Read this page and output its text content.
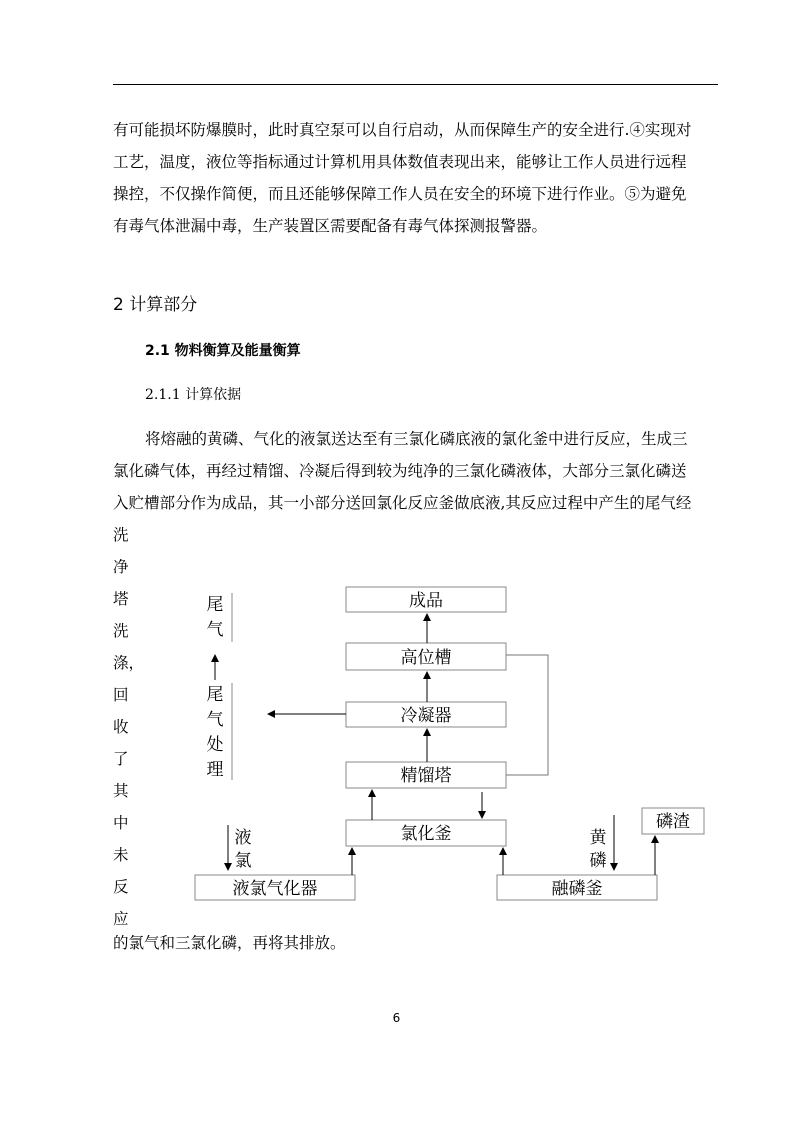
有可能损坏防爆膜时，此时真空泵可以自行启动，从而保障生产的安全进行.④实现对
工艺，温度，液位等指标通过计算机用具体数值表现出来，能够让工作人员进行远程
操控，不仅操作简便，而且还能够保障工作人员在安全的环境下进行作业。⑤为避免
有毒气体泄漏中毒，生产装置区需要配备有毒气体探测报警器。
2 计算部分
2.1 物料衡算及能量衡算
2.1.1 计算依据
将熔融的黄磷、气化的液氯送达至有三氯化磷底液的氯化釜中进行反应，生成三
氯化磷气体，再经过精馏、冷凝后得到较为纯净的三氯化磷液体，大部分三氯化磷送
入贮槽部分作为成品，其一小部分送回氯化反应釜做底液,其反应过程中产生的尾气经
洗
净
塔
洗
涤，
回
收
了
其
中
未
反
应
的氯气和三氯化磷，再将其排放。
成品
高位槽
冷凝器
精馏塔
氯化釜
液氯气化器	融磷釜
磷渣
尾
气
尾
气
处
理
液
氯
黄
磷
6
